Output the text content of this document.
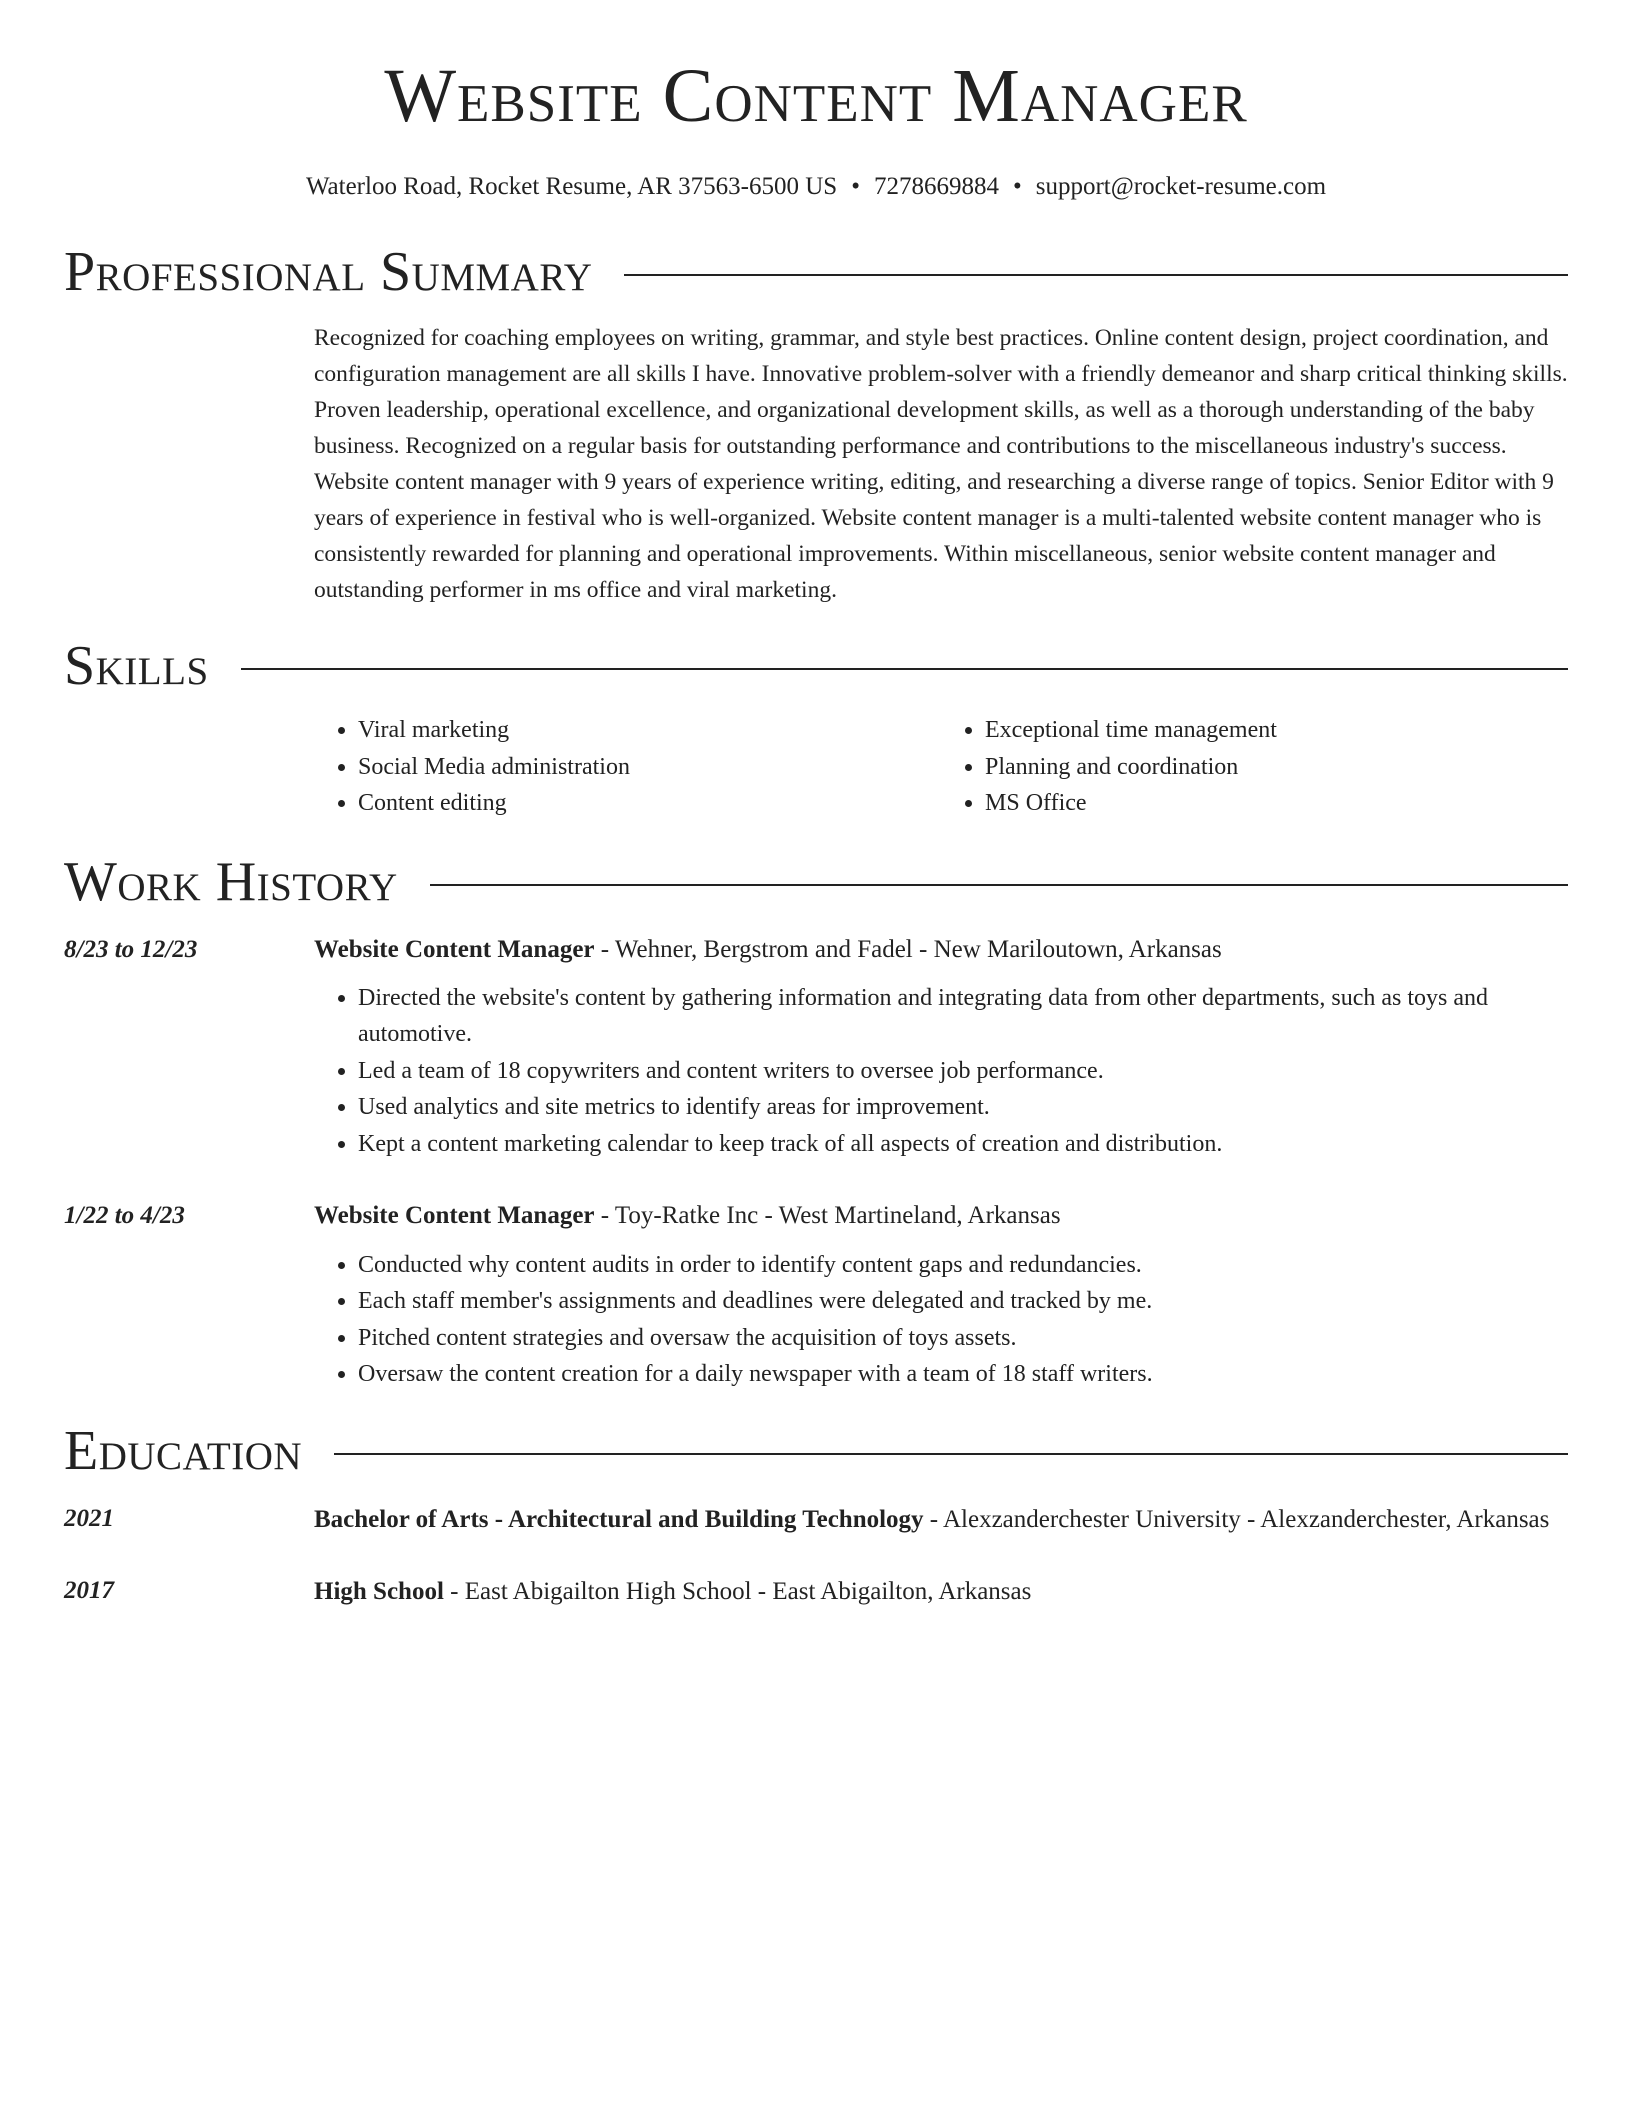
Website Content Manager
Waterloo Road, Rocket Resume, AR 37563-6500 US • 7278669884 • support@rocket-resume.com
Professional Summary
Recognized for coaching employees on writing, grammar, and style best practices. Online content design, project coordination, and configuration management are all skills I have. Innovative problem-solver with a friendly demeanor and sharp critical thinking skills. Proven leadership, operational excellence, and organizational development skills, as well as a thorough understanding of the baby business. Recognized on a regular basis for outstanding performance and contributions to the miscellaneous industry's success. Website content manager with 9 years of experience writing, editing, and researching a diverse range of topics. Senior Editor with 9 years of experience in festival who is well-organized. Website content manager is a multi-talented website content manager who is consistently rewarded for planning and operational improvements. Within miscellaneous, senior website content manager and outstanding performer in ms office and viral marketing.
Skills
• Viral marketing
• Social Media administration
• Content editing
• Exceptional time management
• Planning and coordination
• MS Office
Work History
8/23 to 12/23	Website Content Manager - Wehner, Bergstrom and Fadel - New Mariloutown, Arkansas
• Directed the website's content by gathering information and integrating data from other departments, such as toys and automotive.
• Led a team of 18 copywriters and content writers to oversee job performance.
• Used analytics and site metrics to identify areas for improvement.
• Kept a content marketing calendar to keep track of all aspects of creation and distribution.
1/22 to 4/23	Website Content Manager - Toy-Ratke Inc - West Martineland, Arkansas
• Conducted why content audits in order to identify content gaps and redundancies.
• Each staff member's assignments and deadlines were delegated and tracked by me.
• Pitched content strategies and oversaw the acquisition of toys assets.
• Oversaw the content creation for a daily newspaper with a team of 18 staff writers.
Education
2021	Bachelor of Arts - Architectural and Building Technology - Alexzanderchester University - Alexzanderchester, Arkansas
2017	High School - East Abigailton High School - East Abigailton, Arkansas
